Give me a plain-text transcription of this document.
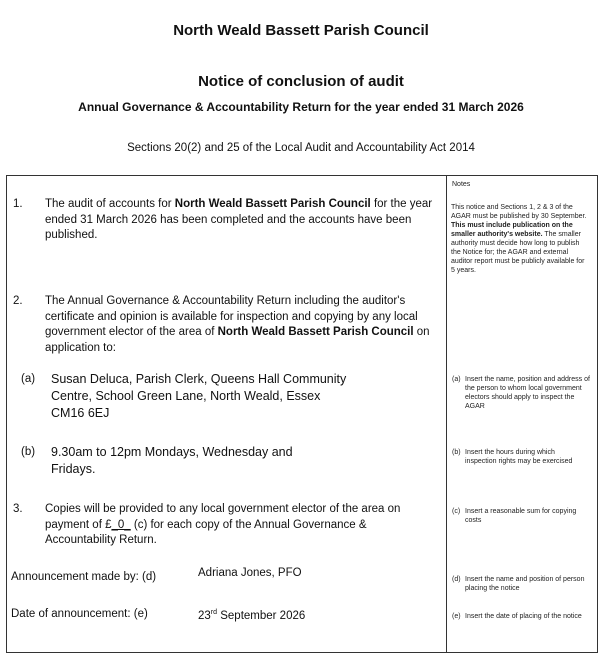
North Weald Bassett Parish Council
Notice of conclusion of audit
Annual Governance & Accountability Return for the year ended 31 March 2026
Sections 20(2) and 25 of the Local Audit and Accountability Act 2014
1. The audit of accounts for North Weald Bassett Parish Council for the year ended 31 March 2026 has been completed and the accounts have been published.
2. The Annual Governance & Accountability Return including the auditor's certificate and opinion is available for inspection and copying by any local government elector of the area of North Weald Bassett Parish Council on application to:
(a) Susan Deluca, Parish Clerk, Queens Hall Community Centre, School Green Lane, North Weald, Essex CM16 6EJ
(b) 9.30am to 12pm Mondays, Wednesday and Fridays.
3. Copies will be provided to any local government elector of the area on payment of £_0_ (c) for each copy of the Annual Governance & Accountability Return.
Announcement made by: (d)	Adriana Jones, PFO
Date of announcement: (e)	23rd September 2026
Notes
This notice and Sections 1, 2 & 3 of the AGAR must be published by 30 September. This must include publication on the smaller authority's website. The smaller authority must decide how long to publish the Notice for; the AGAR and external auditor report must be publicly available for 5 years.
(a) Insert the name, position and address of the person to whom local government electors should apply to inspect the AGAR
(b) Insert the hours during which inspection rights may be exercised
(c) Insert a reasonable sum for copying costs
(d) Insert the name and position of person placing the notice
(e) Insert the date of placing of the notice
